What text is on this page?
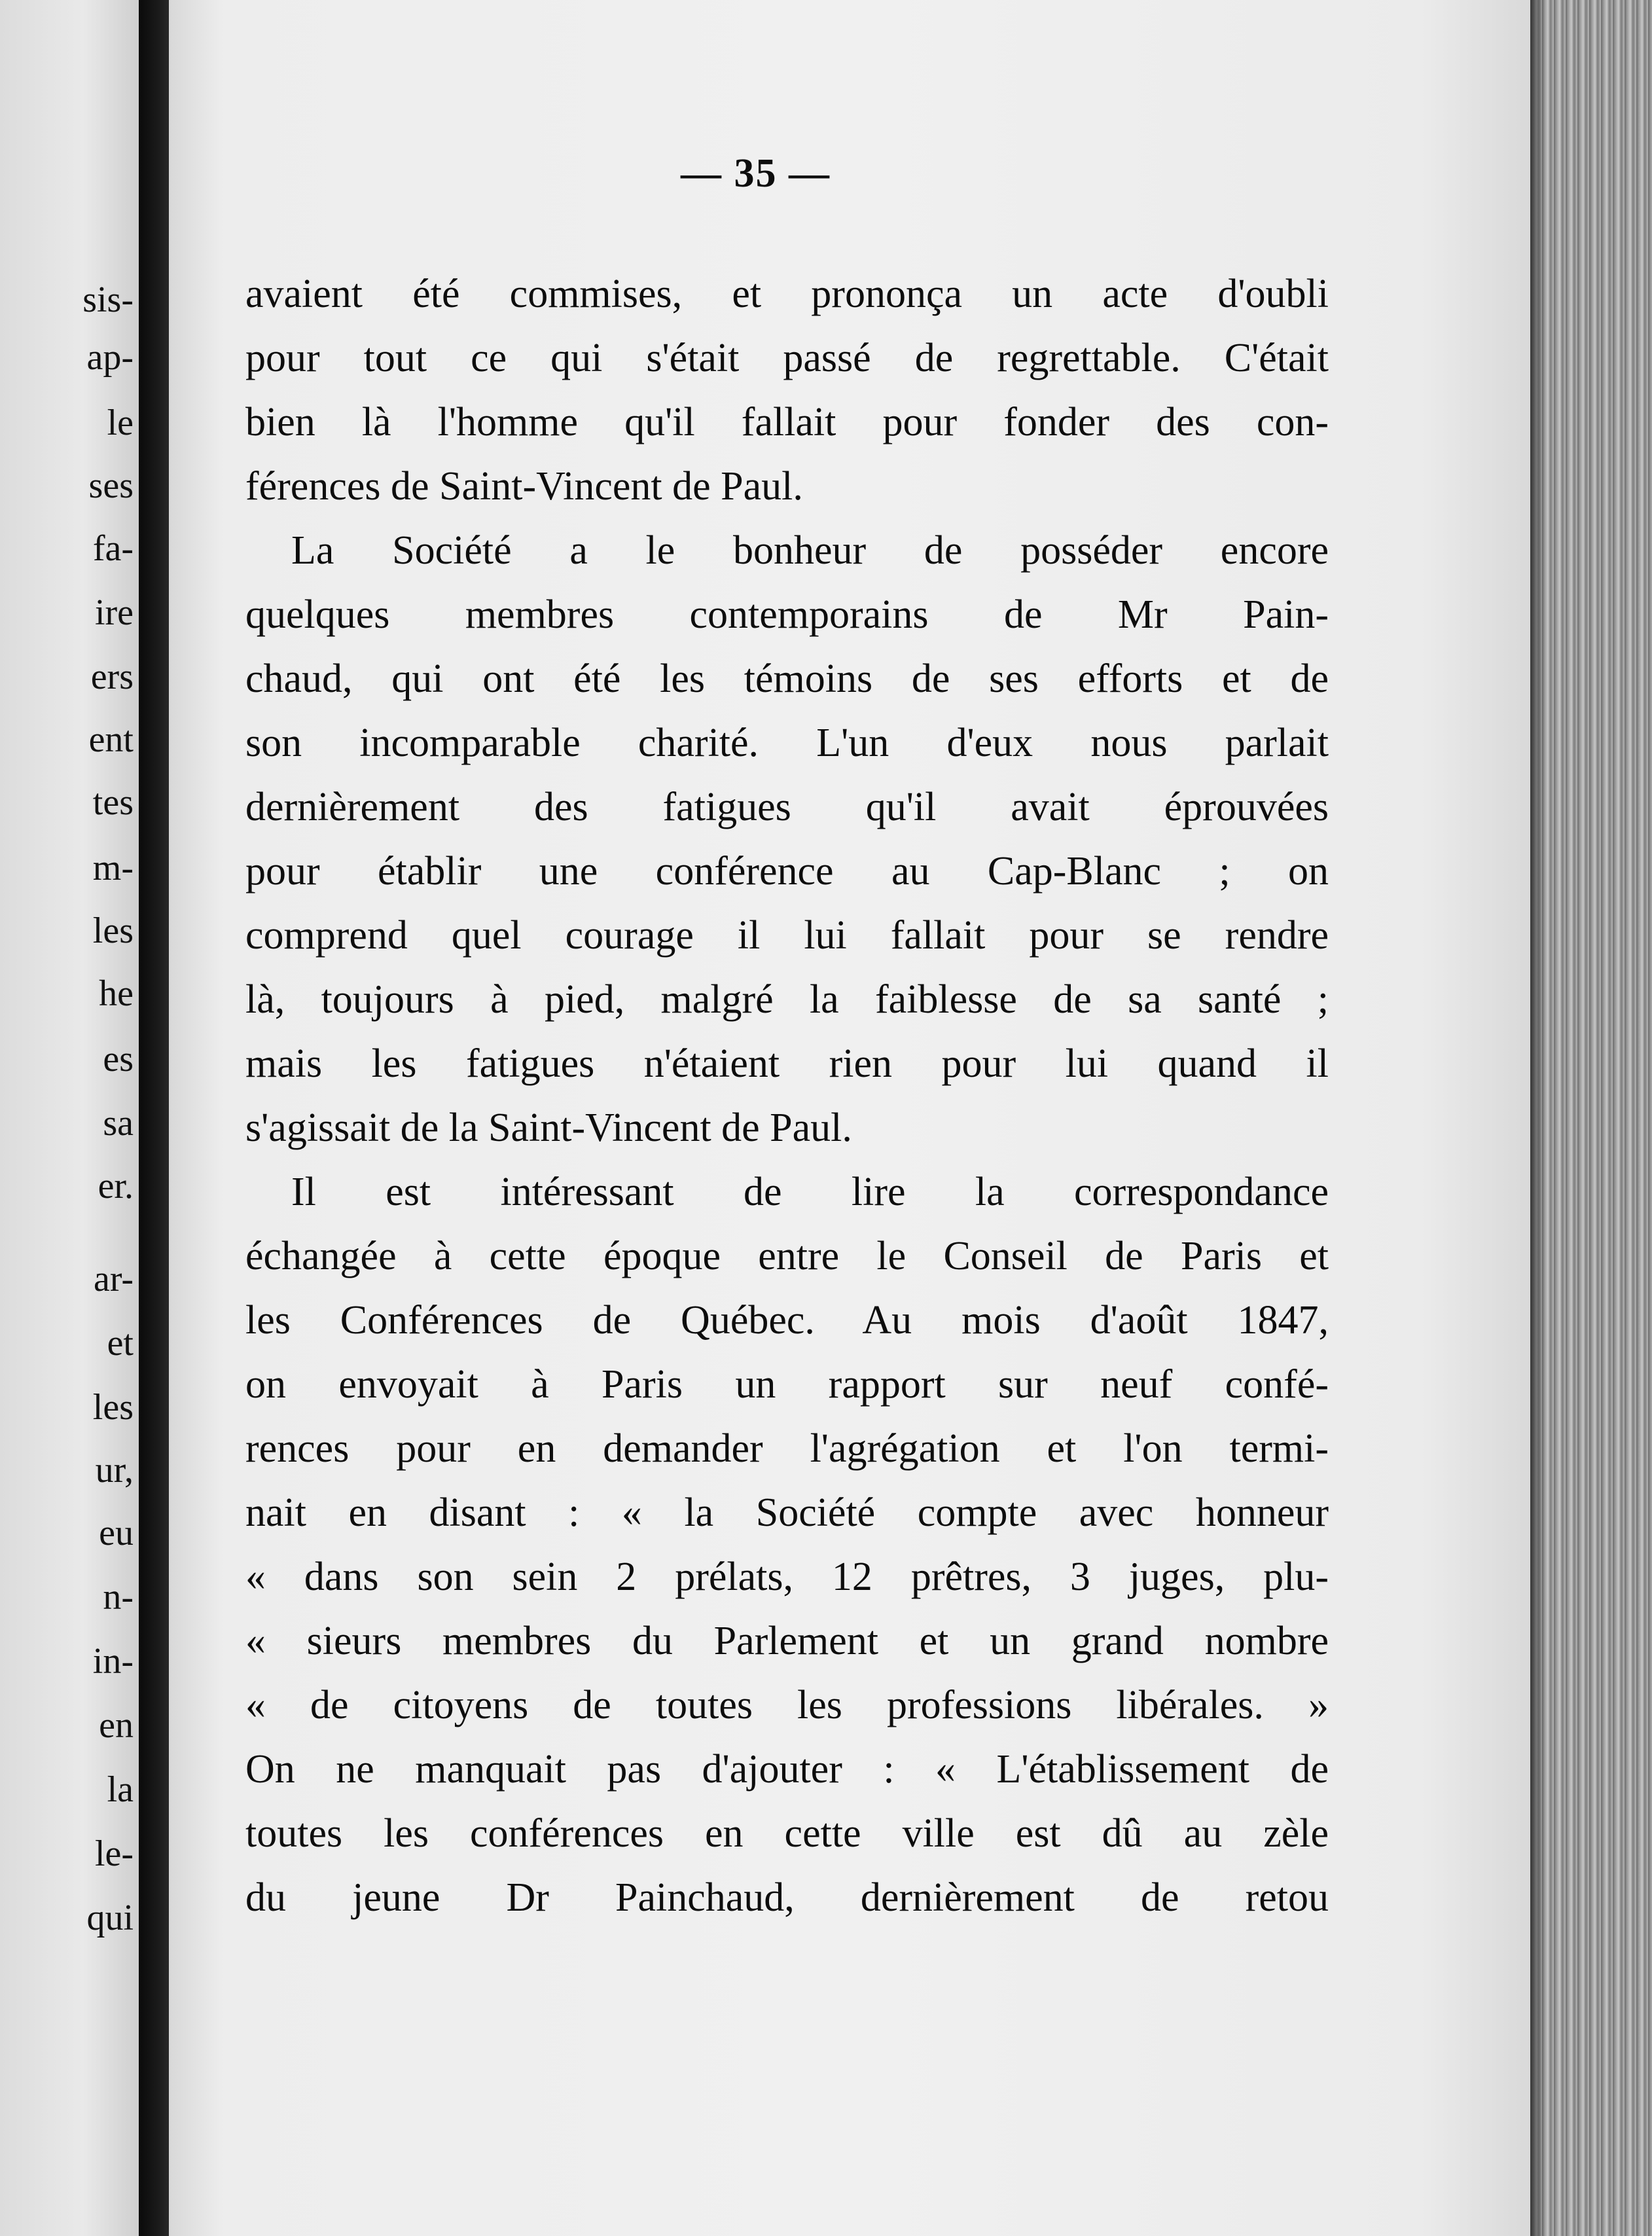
sis-
ap-
le
ses
fa-
ire
ers
ent
tes
m-
les
he
es
sa
er.
ar-
et
les
ur,
eu
n-
in-
en
la
le-
qui
— 35 —
avaient été commises, et prononça un acte d'oubli
pour tout ce qui s'était passé de regrettable. C'était
bien là l'homme qu'il fallait pour fonder des con-
férences de Saint-Vincent de Paul.
La Société a le bonheur de posséder encore
quelques membres contemporains de Mr Pain-
chaud, qui ont été les témoins de ses efforts et de
son incomparable charité. L'un d'eux nous parlait
dernièrement des fatigues qu'il avait éprouvées
pour établir une conférence au Cap-Blanc ; on
comprend quel courage il lui fallait pour se rendre
là, toujours à pied, malgré la faiblesse de sa santé ;
mais les fatigues n'étaient rien pour lui quand il
s'agissait de la Saint-Vincent de Paul.
Il est intéressant de lire la correspondance
échangée à cette époque entre le Conseil de Paris et
les Conférences de Québec. Au mois d'août 1847,
on envoyait à Paris un rapport sur neuf confé-
rences pour en demander l'agrégation et l'on termi-
nait en disant : « la Société compte avec honneur
« dans son sein 2 prélats, 12 prêtres, 3 juges, plu-
« sieurs membres du Parlement et un grand nombre
« de citoyens de toutes les professions libérales. »
On ne manquait pas d'ajouter : « L'établissement de
toutes les conférences en cette ville est dû au zèle
du jeune Dr Painchaud, dernièrement de retou
